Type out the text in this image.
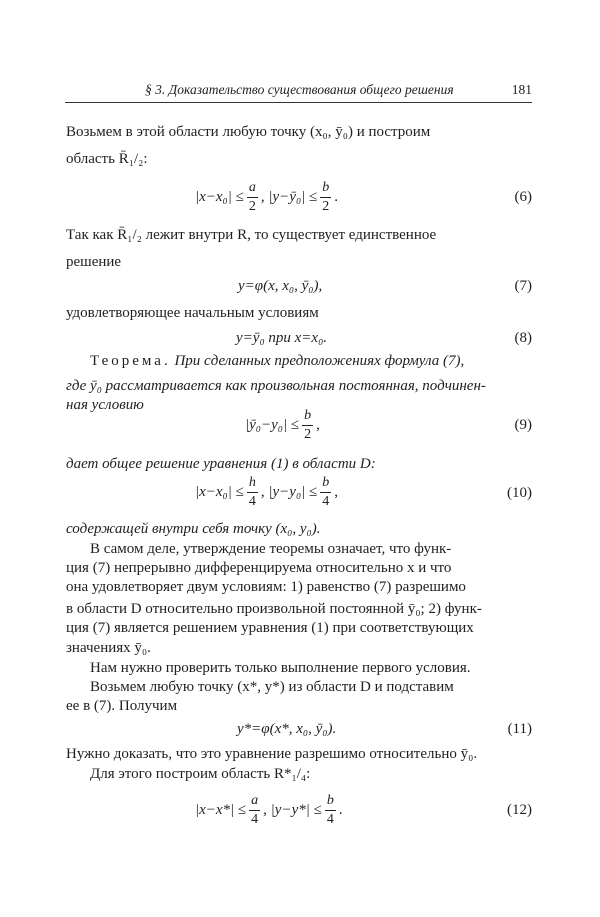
§ 3. Доказательство существования общего решения	181
Возьмем в этой области любую точку (x₀, ȳ₀) и построим
область R̄₁/₂:
$|x-x_0| \le \frac{a}{2}$ , |y−ȳ₀| ≤ $\frac{b}{2}$ .	(6)
Так как R̄₁/₂ лежит внутри R, то существует единственное
решение
y=φ(x, x₀, ȳ₀),	(7)
удовлетворяющее начальным условиям
y=ȳ₀ при x=x₀.	(8)
Теорема. При сделанных предположениях формула (7),
где ȳ₀ рассматривается как произвольная постоянная, подчинен-
ная условию
|ȳ₀−y₀| ≤ $\frac{b}{2}$ ,	(9)
дает общее решение уравнения (1) в области D:
$|x-x_0| \le \frac{h}{4}$ , $|y-y_0| \le \frac{b}{4}$ ,	(10)
содержащей внутри себя точку (x₀, y₀).
В самом деле, утверждение теоремы означает, что функ-
ция (7) непрерывно дифференцируема относительно x и что
она удовлетворяет двум условиям: 1) равенство (7) разрешимо
в области D относительно произвольной постоянной ȳ₀; 2) функ-
ция (7) является решением уравнения (1) при соответствующих
значениях ȳ₀.
Нам нужно проверить только выполнение первого условия.
Возьмем любую точку (x*, y*) из области D и подставим
ее в (7). Получим
y*=φ(x*, x₀, ȳ₀).	(11)
Нужно доказать, что это уравнение разрешимо относительно ȳ₀.
Для этого построим область R*₁/₄:
$|x-x*| \le \frac{a}{4}$ , $|y-y*| \le \frac{b}{4}$ .	(12)
